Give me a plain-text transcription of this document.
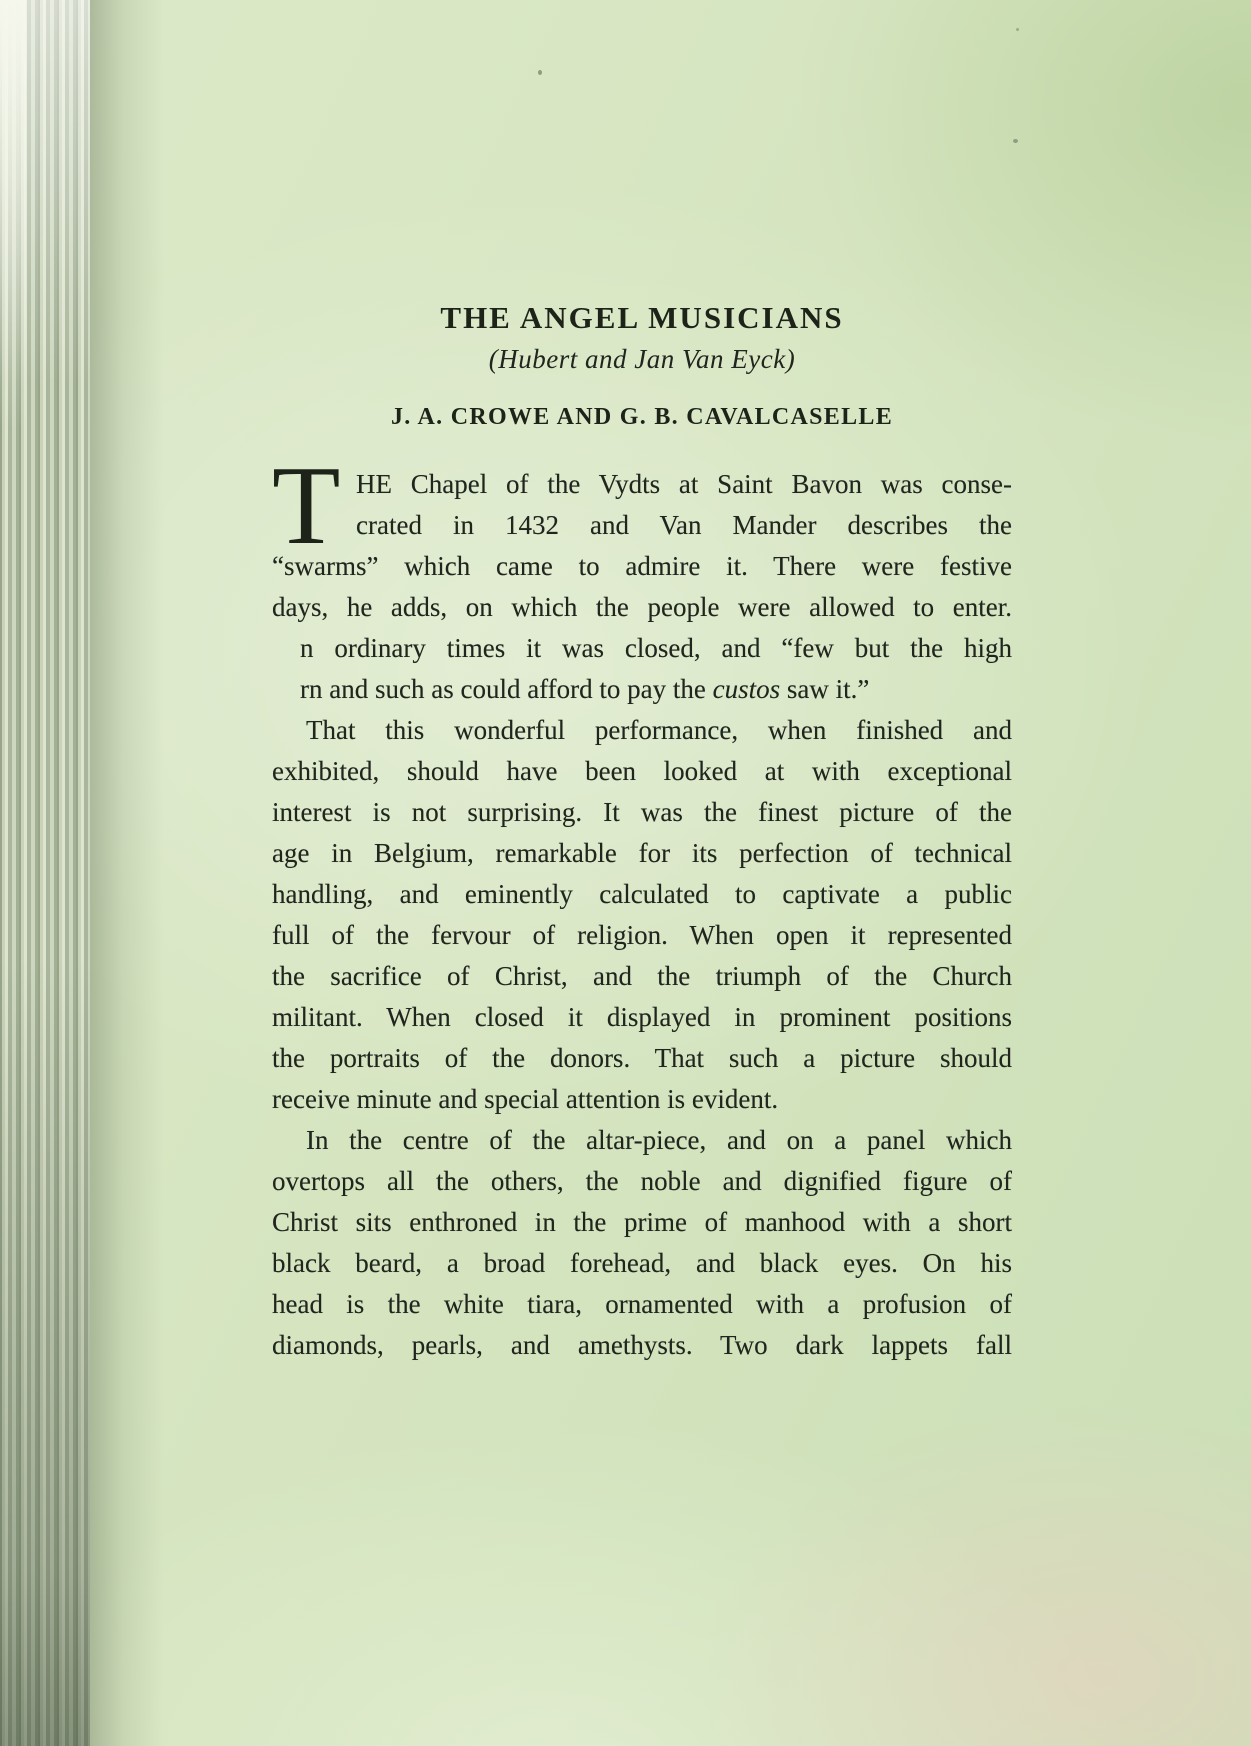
THE ANGEL MUSICIANS
(Hubert and Jan Van Eyck)
J. A. CROWE AND G. B. CAVALCASELLE
T HE Chapel of the Vydts at Saint Bavon was conse-
crated in 1432 and Van Mander describes the
“swarms” which came to admire it. There were festive
days, he adds, on which the people were allowed to enter.
n ordinary times it was closed, and “few but the high
rn and such as could afford to pay the custos saw it.”
That this wonderful performance, when finished and
exhibited, should have been looked at with exceptional
interest is not surprising. It was the finest picture of the
age in Belgium, remarkable for its perfection of technical
handling, and eminently calculated to captivate a public
full of the fervour of religion. When open it represented
the sacrifice of Christ, and the triumph of the Church
militant. When closed it displayed in prominent positions
the portraits of the donors. That such a picture should
receive minute and special attention is evident.
In the centre of the altar-piece, and on a panel which
overtops all the others, the noble and dignified figure of
Christ sits enthroned in the prime of manhood with a short
black beard, a broad forehead, and black eyes. On his
head is the white tiara, ornamented with a profusion of
diamonds, pearls, and amethysts. Two dark lappets fall
